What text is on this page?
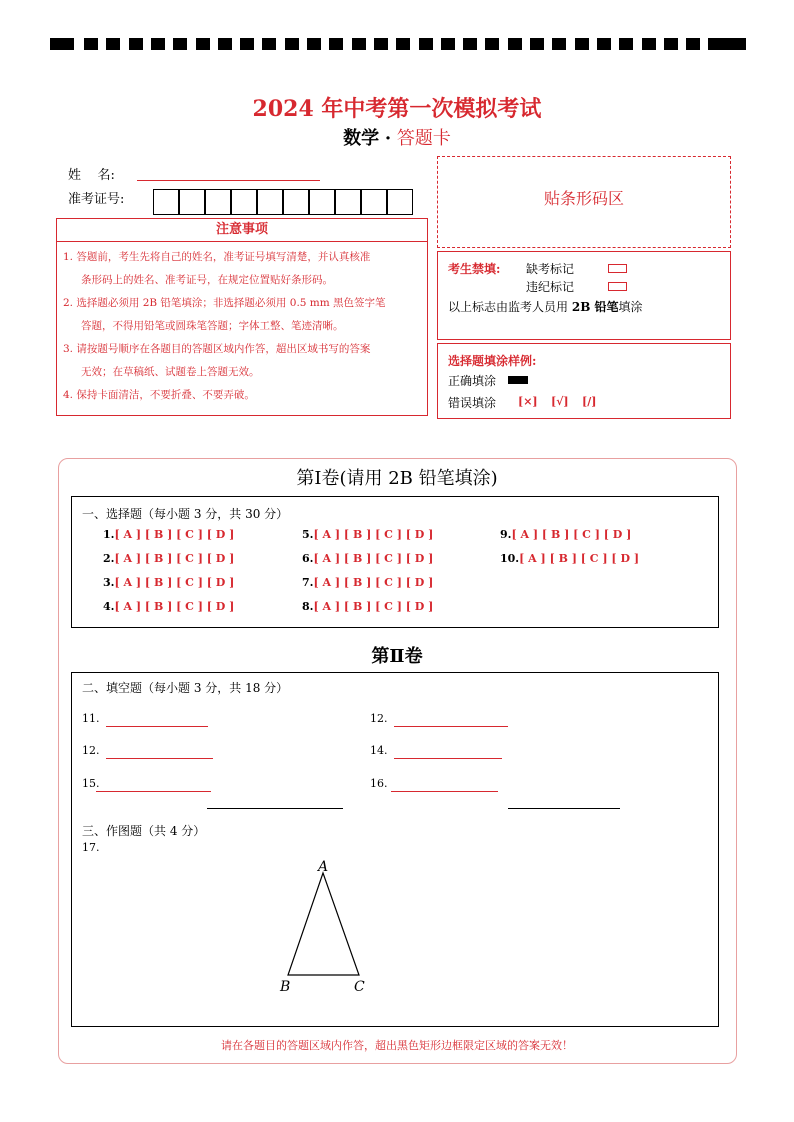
2024 年中考第一次模拟考试
数学 · 答题卡
姓    名:
准考证号:
注意事项
1. 答题前，考生先将自己的姓名，准考证号填写清楚，并认真核准
条形码上的姓名、准考证号，在规定位置贴好条形码。
2. 选择题必须用 2B 铅笔填涂；非选择题必须用 0.5 mm 黑色签字笔
答题，不得用铅笔或圆珠笔答题；字体工整、笔迹清晰。
3. 请按题号顺序在各题目的答题区域内作答，超出区域书写的答案
无效；在草稿纸、试题卷上答题无效。
4. 保持卡面清洁，不要折叠、不要弄破。
贴条形码区
考生禁填: 缺考标记
违纪标记
以上标志由监考人员用 2B 铅笔填涂
选择题填涂样例:
正确填涂
错误填涂 [×] [√] [/]
第Ⅰ卷(请用 2B 铅笔填涂)
一、选择题（每小题 3 分，共 30 分）
1.[ A ] [ B ] [ C ] [ D ]
2.[ A ] [ B ] [ C ] [ D ]
3.[ A ] [ B ] [ C ] [ D ]
4.[ A ] [ B ] [ C ] [ D ]
5.[ A ] [ B ] [ C ] [ D ]
6.[ A ] [ B ] [ C ] [ D ]
7.[ A ] [ B ] [ C ] [ D ]
8.[ A ] [ B ] [ C ] [ D ]
9.[ A ] [ B ] [ C ] [ D ]
10.[ A ] [ B ] [ C ] [ D ]
第Ⅱ卷
二、填空题（每小题 3 分，共 18 分）
三、作图题（共 4 分）
17.
11.	12.
12.	14.
15.	16.
A
B	C
请在各题目的答题区域内作答，超出黑色矩形边框限定区域的答案无效！
